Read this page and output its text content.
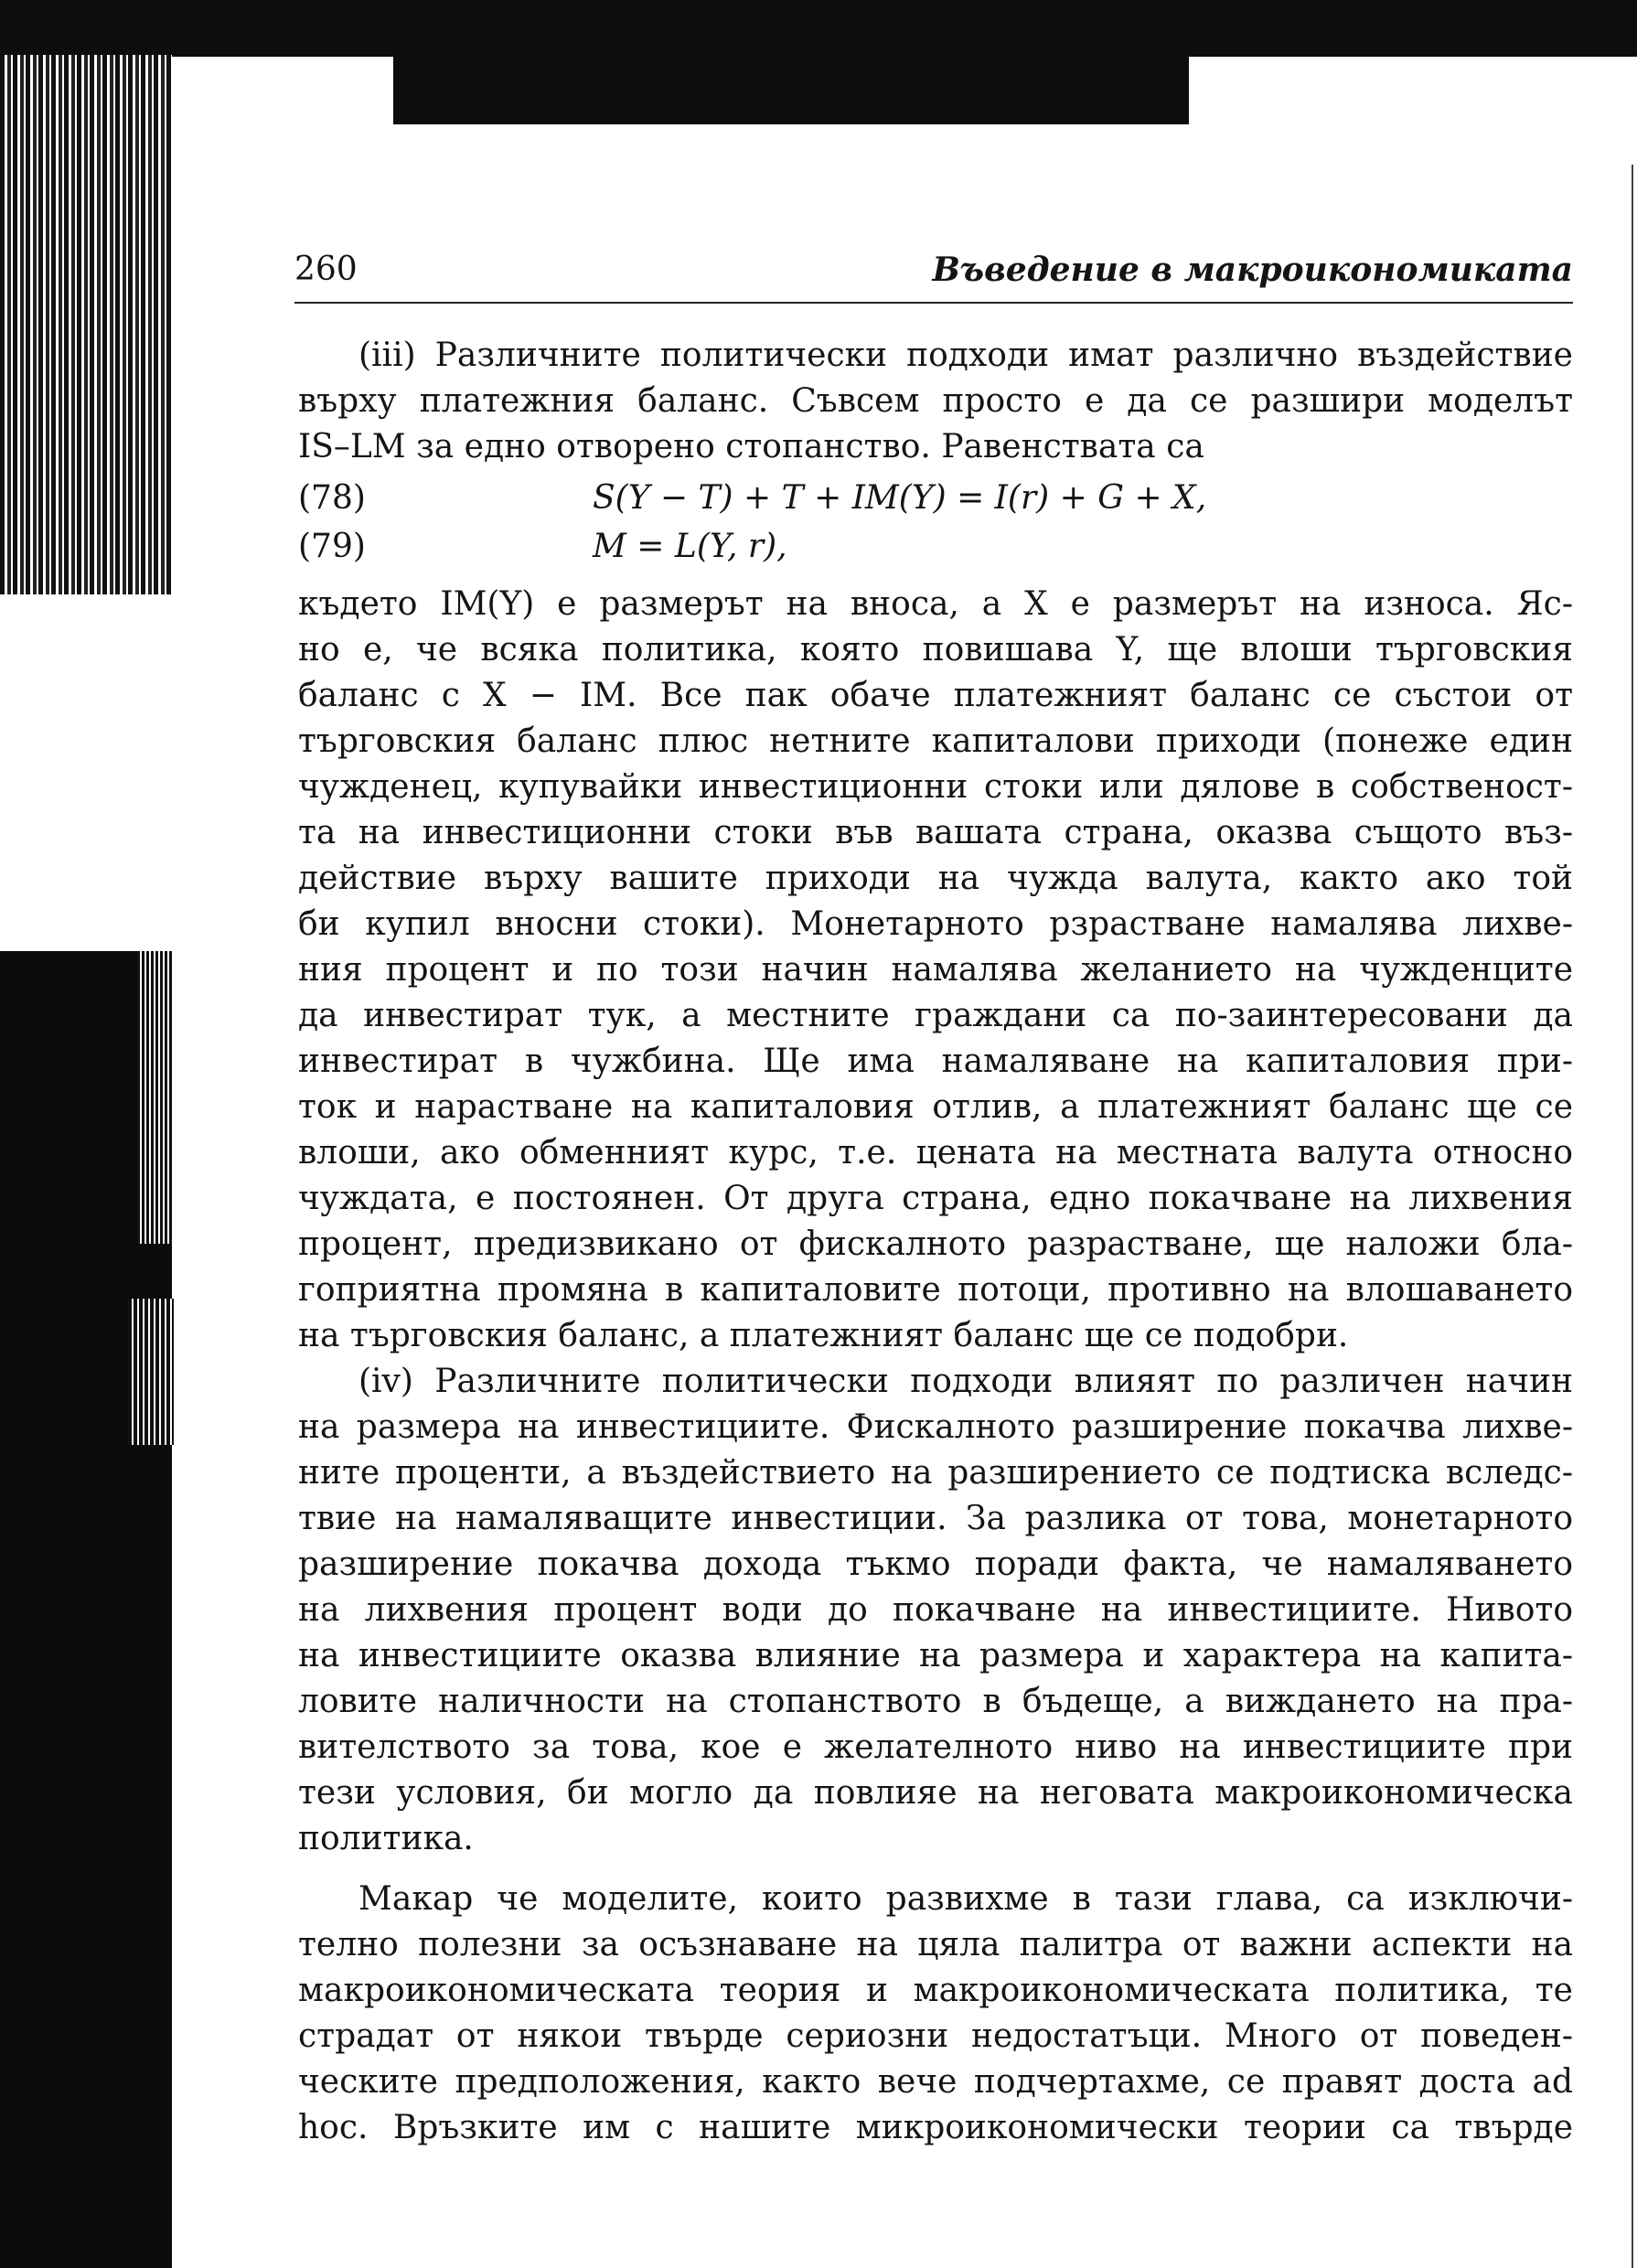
260	Въведение в макроикономиката
(iii) Различните политически подходи имат различно въздействие
върху платежния баланс. Съвсем просто е да се разшири моделът
IS–LM за едно отворено стопанство. Равенствата са
(78)	S(Y − T) + T + IM(Y) = I(r) + G + X,
(79)	M = L(Y, r),
където IM(Y) е размерът на вноса, а X е размерът на износа. Яс-
но е, че всяка политика, която повишава Y, ще влоши търговския
баланс с X − IM. Все пак обаче платежният баланс се състои от
търговския баланс плюс нетните капиталови приходи (понеже един
чужденец, купувайки инвестиционни стоки или дялове в собственост-
та на инвестиционни стоки във вашата страна, оказва същото въз-
действие върху вашите приходи на чужда валута, както ако той
би купил вносни стоки). Монетарното рзрастване намалява лихве-
ния процент и по този начин намалява желанието на чужденците
да инвестират тук, а местните граждани са по-заинтересовани да
инвестират в чужбина. Ще има намаляване на капиталовия при-
ток и нарастване на капиталовия отлив, а платежният баланс ще се
влоши, ако обменният курс, т.е. цената на местната валута относно
чуждата, е постоянен. От друга страна, едно покачване на лихвения
процент, предизвикано от фискалното разрастване, ще наложи бла-
гоприятна промяна в капиталовите потоци, противно на влошаването
на търговския баланс, а платежният баланс ще се подобри.
(iv) Различните политически подходи влияят по различен начин
на размера на инвестициите. Фискалното разширение покачва лихве-
ните проценти, а въздействието на разширението се подтиска вследс-
твие на намаляващите инвестиции. За разлика от това, монетарното
разширение покачва дохода тъкмо поради факта, че намаляването
на лихвения процент води до покачване на инвестициите. Нивото
на инвестициите оказва влияние на размера и характера на капита-
ловите наличности на стопанството в бъдеще, а виждането на пра-
вителството за това, кое е желателното ниво на инвестициите при
тези условия, би могло да повлияе на неговата макроикономическа
политика.
Макар че моделите, които развихме в тази глава, са изключи-
телно полезни за осъзнаване на цяла палитра от важни аспекти на
макроикономическата теория и макроикономическата политика, те
страдат от някои твърде сериозни недостатъци. Много от поведен-
ческите предположения, както вече подчертахме, се правят доста ad
hoc. Връзките им с нашите микроикономически теории са твърде
